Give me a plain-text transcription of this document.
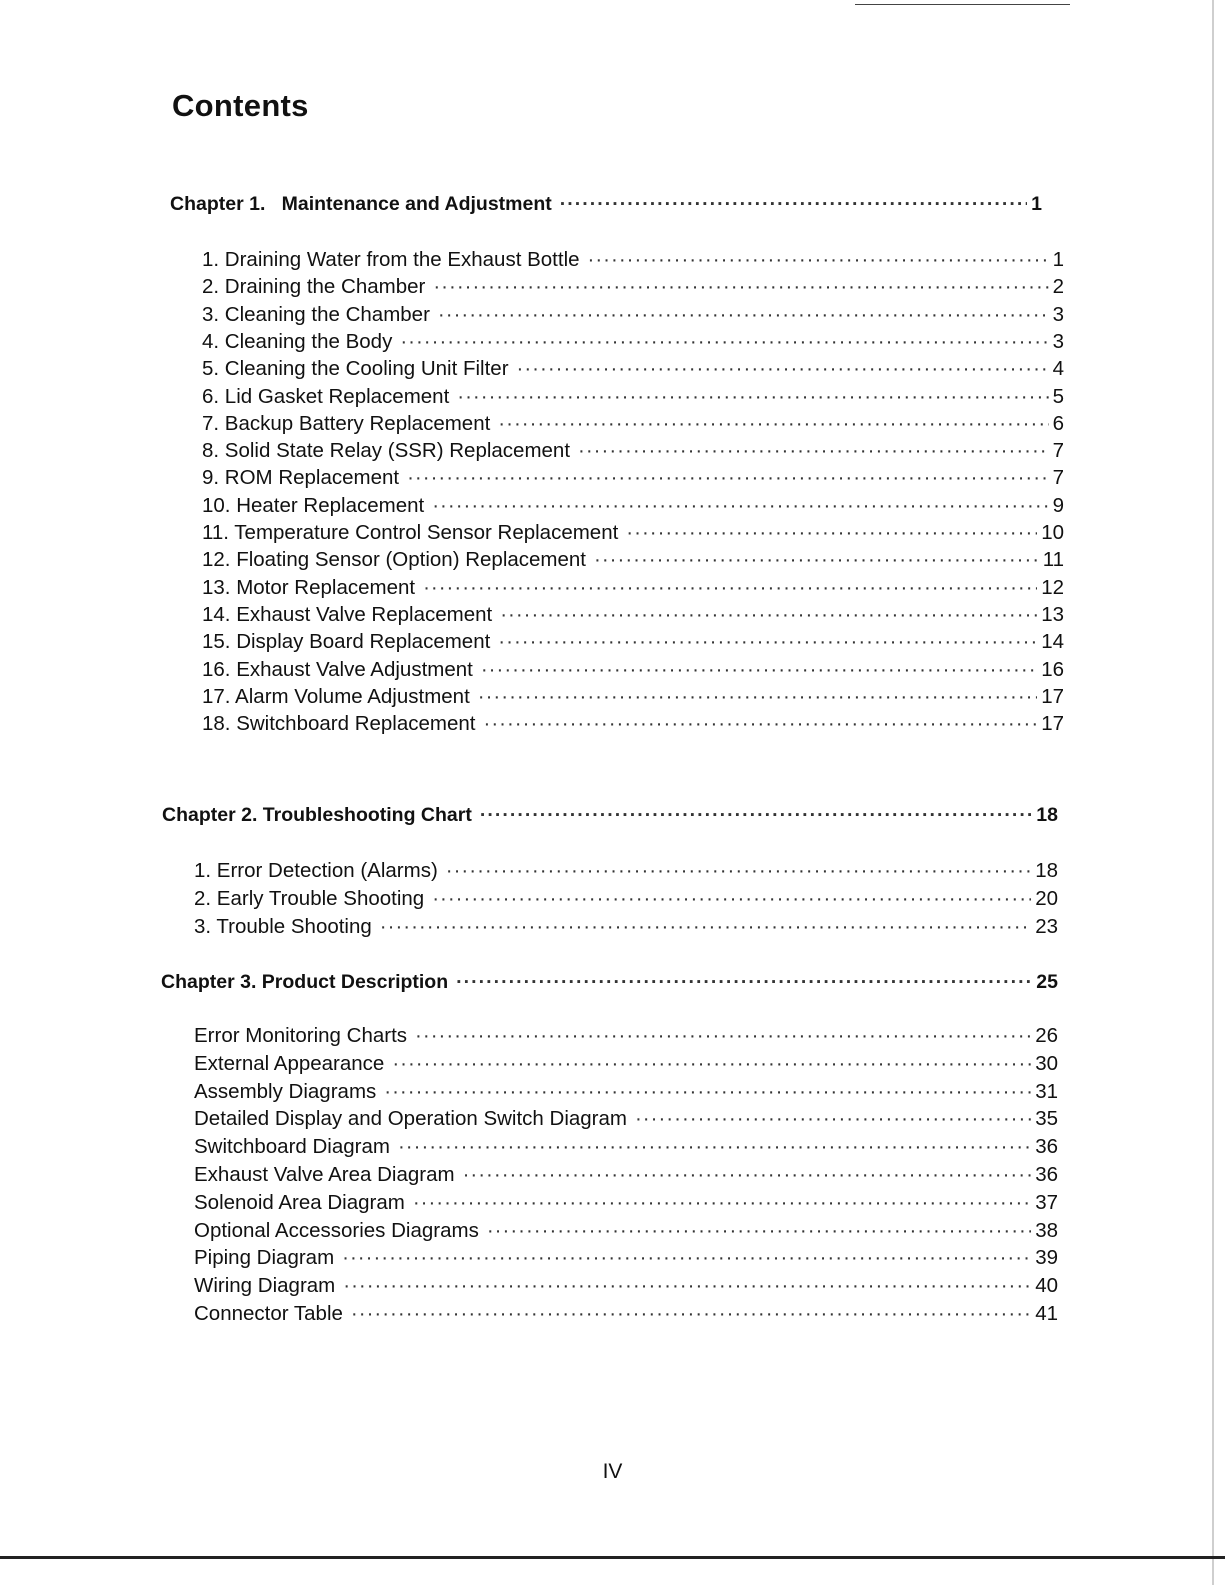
Contents
Chapter 1.   Maintenance and Adjustment ·····	1
1. Draining Water from the Exhaust Bottle ·····	1
2. Draining the Chamber ·····	2
3. Cleaning the Chamber ·····	3
4. Cleaning the Body ·····	3
5. Cleaning the Cooling Unit Filter ·····	4
6. Lid Gasket Replacement ·····	5
7. Backup Battery Replacement ·····	6
8. Solid State Relay (SSR) Replacement ·····	7
9. ROM Replacement ·····	7
10. Heater Replacement ·····	9
11. Temperature Control Sensor Replacement ·····	10
12. Floating Sensor (Option) Replacement ·····	11
13. Motor Replacement ·····	12
14. Exhaust Valve Replacement ·····	13
15. Display Board Replacement ·····	14
16. Exhaust Valve Adjustment ·····	16
17. Alarm Volume Adjustment ·····	17
18. Switchboard Replacement ·····	17
Chapter 2. Troubleshooting Chart ·····	18
1. Error Detection (Alarms) ·····	18
2. Early Trouble Shooting ·····	20
3. Trouble Shooting ·····	23
Chapter 3. Product Description ·····	25
Error Monitoring Charts ·····	26
External Appearance ·····	30
Assembly Diagrams ·····	31
Detailed Display and Operation Switch Diagram ·····	35
Switchboard Diagram ·····	36
Exhaust Valve Area Diagram ·····	36
Solenoid Area Diagram ·····	37
Optional Accessories Diagrams ·····	38
Piping Diagram ·····	39
Wiring Diagram ·····	40
Connector Table ·····	41
IV
